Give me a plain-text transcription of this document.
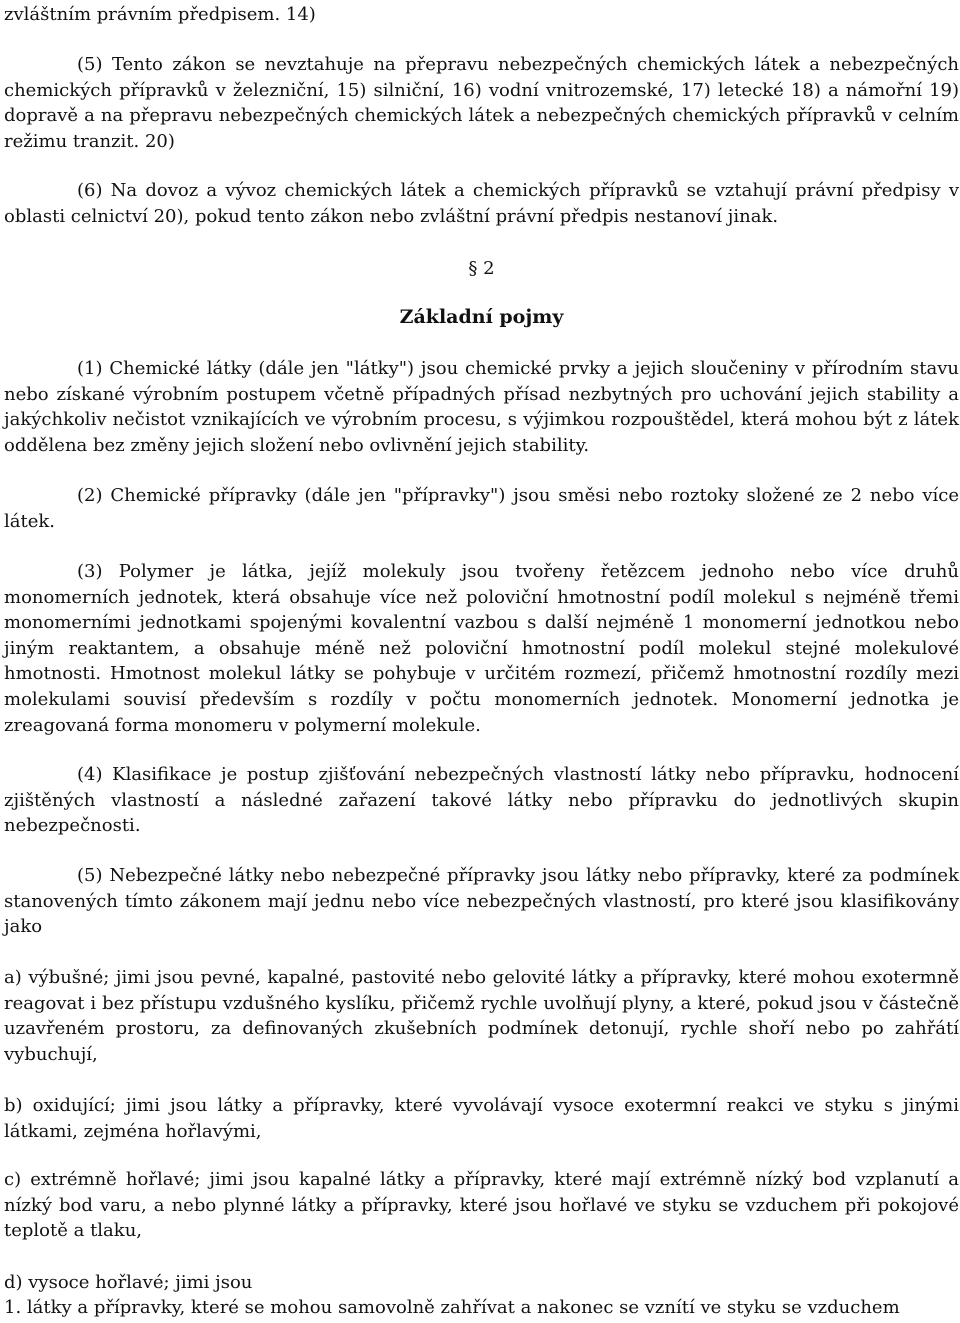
zvláštním právním předpisem. 14)

(5) Tento zákon se nevztahuje na přepravu nebezpečných chemických látek a nebezpečných chemických přípravků v železniční, 15) silniční, 16) vodní vnitrozemské, 17) letecké 18) a námořní 19) dopravě a na přepravu nebezpečných chemických látek a nebezpečných chemických přípravků v celním režimu tranzit. 20)

(6) Na dovoz a vývoz chemických látek a chemických přípravků se vztahují právní předpisy v oblasti celnictví 20), pokud tento zákon nebo zvláštní právní předpis nestanoví jinak.

§ 2

Základní pojmy

(1) Chemické látky (dále jen "látky") jsou chemické prvky a jejich sloučeniny v přírodním stavu nebo získané výrobním postupem včetně případných přísad nezbytných pro uchování jejich stability a jakýchkoliv nečistot vznikajících ve výrobním procesu, s výjimkou rozpouštědel, která mohou být z látek oddělena bez změny jejich složení nebo ovlivnění jejich stability.

(2) Chemické přípravky (dále jen "přípravky") jsou směsi nebo roztoky složené ze 2 nebo více látek.

(3) Polymer je látka, jejíž molekuly jsou tvořeny řetězcem jednoho nebo více druhů monomerních jednotek, která obsahuje více než poloviční hmotnostní podíl molekul s nejméně třemi monomerními jednotkami spojenými kovalentní vazbou s další nejméně 1 monomerní jednotkou nebo jiným reaktantem, a obsahuje méně než poloviční hmotnostní podíl molekul stejné molekulové hmotnosti. Hmotnost molekul látky se pohybuje v určitém rozmezí, přičemž hmotnostní rozdíly mezi molekulami souvisí především s rozdíly v počtu monomerních jednotek. Monomerní jednotka je zreagovaná forma monomeru v polymerní molekule.

(4) Klasifikace je postup zjišťování nebezpečných vlastností látky nebo přípravku, hodnocení zjištěných vlastností a následné zařazení takové látky nebo přípravku do jednotlivých skupin nebezpečnosti.

(5) Nebezpečné látky nebo nebezpečné přípravky jsou látky nebo přípravky, které za podmínek stanovených tímto zákonem mají jednu nebo více nebezpečných vlastností, pro které jsou klasifikovány jako

a) výbušné; jimi jsou pevné, kapalné, pastovité nebo gelovité látky a přípravky, které mohou exotermně reagovat i bez přístupu vzdušného kyslíku, přičemž rychle uvolňují plyny, a které, pokud jsou v částečně uzavřeném prostoru, za definovaných zkušebních podmínek detonují, rychle shoří nebo po zahřátí vybuchují,

b) oxidující; jimi jsou látky a přípravky, které vyvolávají vysoce exotermní reakci ve styku s jinými látkami, zejména hořlavými,

c) extrémně hořlavé; jimi jsou kapalné látky a přípravky, které mají extrémně nízký bod vzplanutí a nízký bod varu, a nebo plynné látky a přípravky, které jsou hořlavé ve styku se vzduchem při pokojové teplotě a tlaku,

d) vysoce hořlavé; jimi jsou

1. látky a přípravky, které se mohou samovolně zahřívat a nakonec se vznítí ve styku se vzduchem
